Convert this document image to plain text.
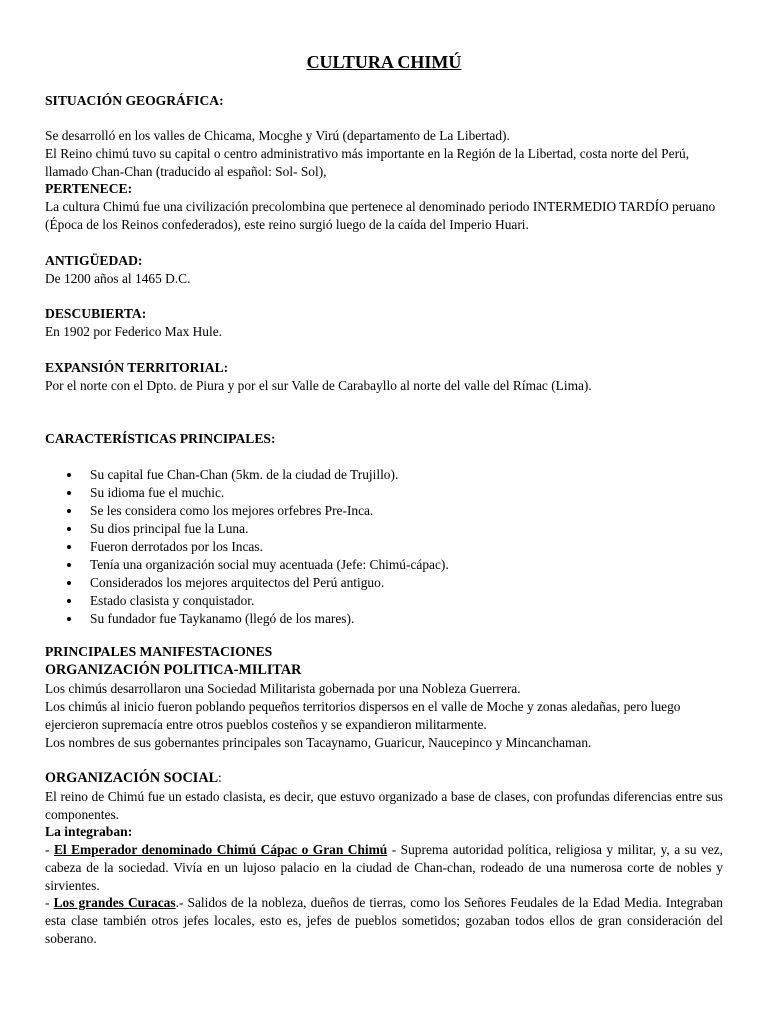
CULTURA CHIMÚ
SITUACIÓN GEOGRÁFICA:
Se desarrolló en los valles de Chicama, Mocghe y Virú (departamento de La Libertad).
El Reino chimú tuvo su capital o centro administrativo más importante en la Región de la Libertad, costa norte del Perú, llamado Chan-Chan (traducido al español: Sol- Sol),
PERTENECE:
La cultura Chimú fue una civilización precolombina que pertenece al denominado periodo INTERMEDIO TARDÍO peruano (Época de los Reinos confederados), este reino surgió luego de la caída del Imperio Huari.
ANTIGÜEDAD:
De 1200 años al 1465 D.C.
DESCUBIERTA:
En 1902 por Federico Max Hule.
EXPANSIÓN TERRITORIAL:
Por el norte con el Dpto. de Piura y por el sur Valle de Carabayllo al norte del valle del Rímac (Lima).
CARACTERÍSTICAS PRINCIPALES:
Su capital fue Chan-Chan (5km. de la ciudad de Trujillo).
Su idioma fue el muchic.
Se les considera como los mejores orfebres Pre-Inca.
Su dios principal fue la Luna.
Fueron derrotados por los Incas.
Tenía una organización social muy acentuada (Jefe: Chimú-cápac).
Considerados los mejores arquitectos del Perú antiguo.
Estado clasista y conquistador.
Su fundador fue Taykanamo (llegó de los mares).
PRINCIPALES MANIFESTACIONES
ORGANIZACIÓN POLITICA-MILITAR
Los chimús desarrollaron una Sociedad Militarista gobernada por una Nobleza Guerrera.
Los chimús al inicio fueron poblando pequeños territorios dispersos en el valle de Moche y zonas aledañas, pero luego ejercieron supremacía entre otros pueblos costeños y se expandieron militarmente.
Los nombres de sus gobernantes principales son Tacaynamo, Guaricur, Naucepinco y Mincanchaman.
ORGANIZACIÓN SOCIAL:
El reino de Chimú fue un estado clasista, es decir, que estuvo organizado a base de clases, con profundas diferencias entre sus componentes.
La integraban:
- El Emperador denominado Chimú Cápac o Gran Chimú - Suprema autoridad política, religiosa y militar, y, a su vez, cabeza de la sociedad. Vivía en un lujoso palacio en la ciudad de Chan-chan, rodeado de una numerosa corte de nobles y sirvientes.
- Los grandes Curacas.- Salidos de la nobleza, dueños de tierras, como los Señores Feudales de la Edad Media. Integraban esta clase también otros jefes locales, esto es, jefes de pueblos sometidos; gozaban todos ellos de gran consideración del soberano.
